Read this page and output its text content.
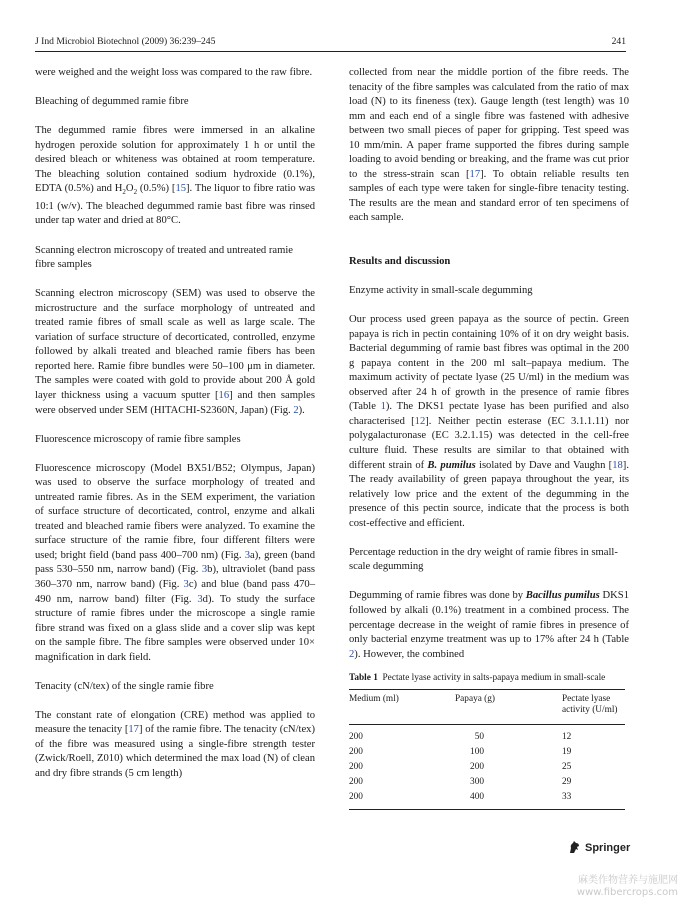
J Ind Microbiol Biotechnol (2009) 36:239–245	241

were weighed and the weight loss was compared to the raw fibre.

Bleaching of degummed ramie fibre

The degummed ramie fibres were immersed in an alkaline hydrogen peroxide solution for approximately 1 h or until the desired bleach or whiteness was obtained at room temperature. The bleaching solution contained sodium hydroxide (0.1%), EDTA (0.5%) and $H_2O_2$ (0.5%) [15]. The liquor to fibre ratio was 10:1 (w/v). The bleached degummed ramie bast fibre was rinsed under tap water and dried at 80°C.

Scanning electron microscopy of treated and untreated ramie fibre samples

Scanning electron microscopy (SEM) was used to observe the microstructure and the surface morphology of untreated and treated ramie fibres of small scale as well as large scale. The variation of surface structure of decorticated, controlled, enzyme followed by alkali treated and bleached ramie fibers has been reported here. Ramie fibre bundles were 50–100 μm in diameter. The samples were coated with gold to provide about 200 Å gold layer thickness using a vacuum sputter [16] and then samples were observed under SEM (HITACHI-S2360N, Japan) (Fig. 2).

Fluorescence microscopy of ramie fibre samples

Fluorescence microscopy (Model BX51/B52; Olympus, Japan) was used to observe the surface morphology of treated and untreated ramie fibres. As in the SEM experiment, the variation of surface structure of decorticated, control, enzyme and alkali treated and bleached ramie fibers were analyzed. To examine the surface structure of the ramie fibre, four different filters were used; bright field (band pass 400–700 nm) (Fig. 3a), green (band pass 530–550 nm, narrow band) (Fig. 3b), ultraviolet (band pass 360–370 nm, narrow band) (Fig. 3c) and blue (band pass 470–490 nm, narrow band) filter (Fig. 3d). To study the surface structure of ramie fibres under the microscope a single ramie fibre strand was fixed on a glass slide and a cover slip was kept on the sample fibre. The fibre samples were observed under 10× magnification in dark field.

Tenacity (cN/tex) of the single ramie fibre

The constant rate of elongation (CRE) method was applied to measure the tenacity [17] of the ramie fibre. The tenacity (cN/tex) of the fibre was measured using a single-fibre strength tester (Zwick/Roell, Z010) which determined the max load (N) of clean and dry fibre strands (5 cm length)

collected from near the middle portion of the fibre reeds. The tenacity of the fibre samples was calculated from the ratio of max load (N) to its fineness (tex). Gauge length (test length) was 10 mm and each end of a single fibre was fastened with adhesive between two small pieces of paper for gripping. Test speed was 10 mm/min. A paper frame supported the fibres during sample loading to avoid bending or breaking, and the frame was cut prior to the stress-strain scan [17]. To obtain reliable results ten samples of each type were taken for single-fibre tenacity testing. The results are the mean and standard error of ten specimens of each sample.

Results and discussion

Enzyme activity in small-scale degumming

Our process used green papaya as the source of pectin. Green papaya is rich in pectin containing 10% of it on dry weight basis. Bacterial degumming of ramie bast fibres was optimal in the 200 g papaya content in the 200 ml salt–papaya medium. The maximum activity of pectate lyase (25 U/ml) in the medium was observed after 24 h of growth in the presence of ramie fibres (Table 1). The DKS1 pectate lyase has been purified and also characterised [12]. Neither pectin esterase (EC 3.1.1.11) nor polygalacturonase (EC 3.2.1.15) was detected in the cell-free culture fluid. These results are similar to that obtained with different strain of B. pumilus isolated by Dave and Vaughn [18]. The ready availability of green papaya throughout the year, its relatively low price and the extent of the degumming in the presence of this pectin source, indicate that the process is both cost-effective and efficient.

Percentage reduction in the dry weight of ramie fibres in small-scale degumming

Degumming of ramie fibres was done by Bacillus pumilus DKS1 followed by alkali (0.1%) treatment in a combined process. The percentage decrease in the weight of ramie fibres in presence of only bacterial enzyme treatment was up to 17% after 24 h (Table 2). However, the combined

Table 1 Pectate lyase activity in salts-papaya medium in small-scale

Medium (ml)	Papaya (g)	Pectate lyase activity (U/ml)
200	50	12
200	100	19
200	200	25
200	300	29
200	400	33
Springer
麻类作物营养与施肥网
www.fibercrops.com
